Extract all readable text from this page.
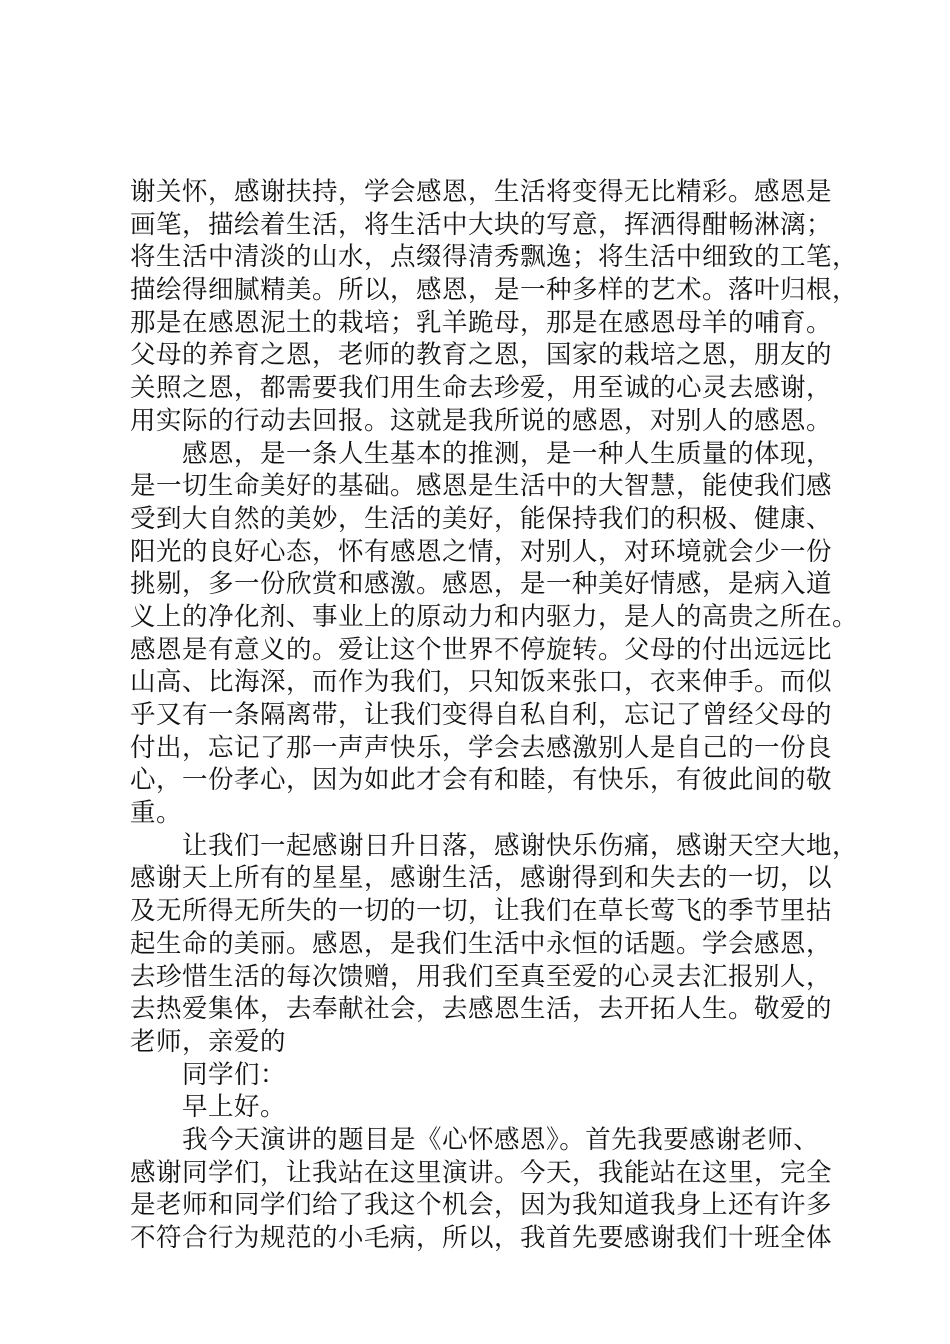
谢关怀，感谢扶持，学会感恩，生活将变得无比精彩。感恩是
画笔，描绘着生活，将生活中大块的写意，挥洒得酣畅淋漓；
将生活中清淡的山水，点缀得清秀飘逸；将生活中细致的工笔，
描绘得细腻精美。所以，感恩，是一种多样的艺术。落叶归根，
那是在感恩泥土的栽培；乳羊跪母，那是在感恩母羊的哺育。
父母的养育之恩，老师的教育之恩，国家的栽培之恩，朋友的
关照之恩，都需要我们用生命去珍爱，用至诚的心灵去感谢，
用实际的行动去回报。这就是我所说的感恩，对别人的感恩。
感恩，是一条人生基本的推测，是一种人生质量的体现，
是一切生命美好的基础。感恩是生活中的大智慧，能使我们感
受到大自然的美妙，生活的美好，能保持我们的积极、健康、
阳光的良好心态，怀有感恩之情，对别人，对环境就会少一份
挑剔，多一份欣赏和感激。感恩，是一种美好情感，是病入道
义上的净化剂、事业上的原动力和内驱力，是人的高贵之所在。
感恩是有意义的。爱让这个世界不停旋转。父母的付出远远比
山高、比海深，而作为我们，只知饭来张口，衣来伸手。而似
乎又有一条隔离带，让我们变得自私自利，忘记了曾经父母的
付出，忘记了那一声声快乐，学会去感激别人是自己的一份良
心，一份孝心，因为如此才会有和睦，有快乐，有彼此间的敬
重。
让我们一起感谢日升日落，感谢快乐伤痛，感谢天空大地，
感谢天上所有的星星，感谢生活，感谢得到和失去的一切，以
及无所得无所失的一切的一切，让我们在草长莺飞的季节里拈
起生命的美丽。感恩，是我们生活中永恒的话题。学会感恩，
去珍惜生活的每次馈赠，用我们至真至爱的心灵去汇报别人，
去热爱集体，去奉献社会，去感恩生活，去开拓人生。敬爱的
老师，亲爱的
同学们：
早上好。
我今天演讲的题目是《心怀感恩》。首先我要感谢老师、
感谢同学们，让我站在这里演讲。今天，我能站在这里，完全
是老师和同学们给了我这个机会，因为我知道我身上还有许多
不符合行为规范的小毛病，所以，我首先要感谢我们十班全体
